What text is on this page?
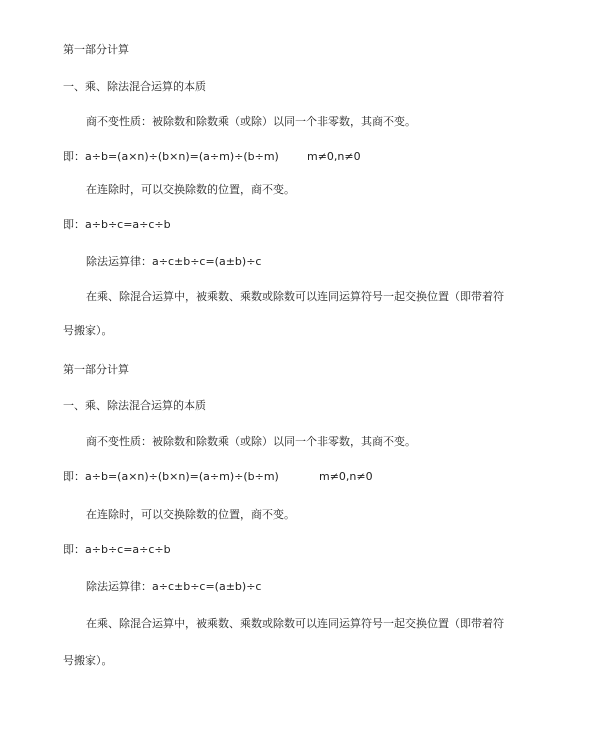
第一部分计算
一、乘、除法混合运算的本质
商不变性质：被除数和除数乘（或除）以同一个非零数，其商不变。
即：a÷b=(a×n)÷(b×n)=(a÷m)÷(b÷m)	m≠0,n≠0
在连除时，可以交换除数的位置，商不变。
即：a÷b÷c=a÷c÷b
除法运算律：a÷c±b÷c=(a±b)÷c
在乘、除混合运算中，被乘数、乘数或除数可以连同运算符号一起交换位置（即带着符
号搬家）。
第一部分计算
一、乘、除法混合运算的本质
商不变性质：被除数和除数乘（或除）以同一个非零数，其商不变。
即：a÷b=(a×n)÷(b×n)=(a÷m)÷(b÷m)	m≠0,n≠0
在连除时，可以交换除数的位置，商不变。
即：a÷b÷c=a÷c÷b
除法运算律：a÷c±b÷c=(a±b)÷c
在乘、除混合运算中，被乘数、乘数或除数可以连同运算符号一起交换位置（即带着符
号搬家）。
